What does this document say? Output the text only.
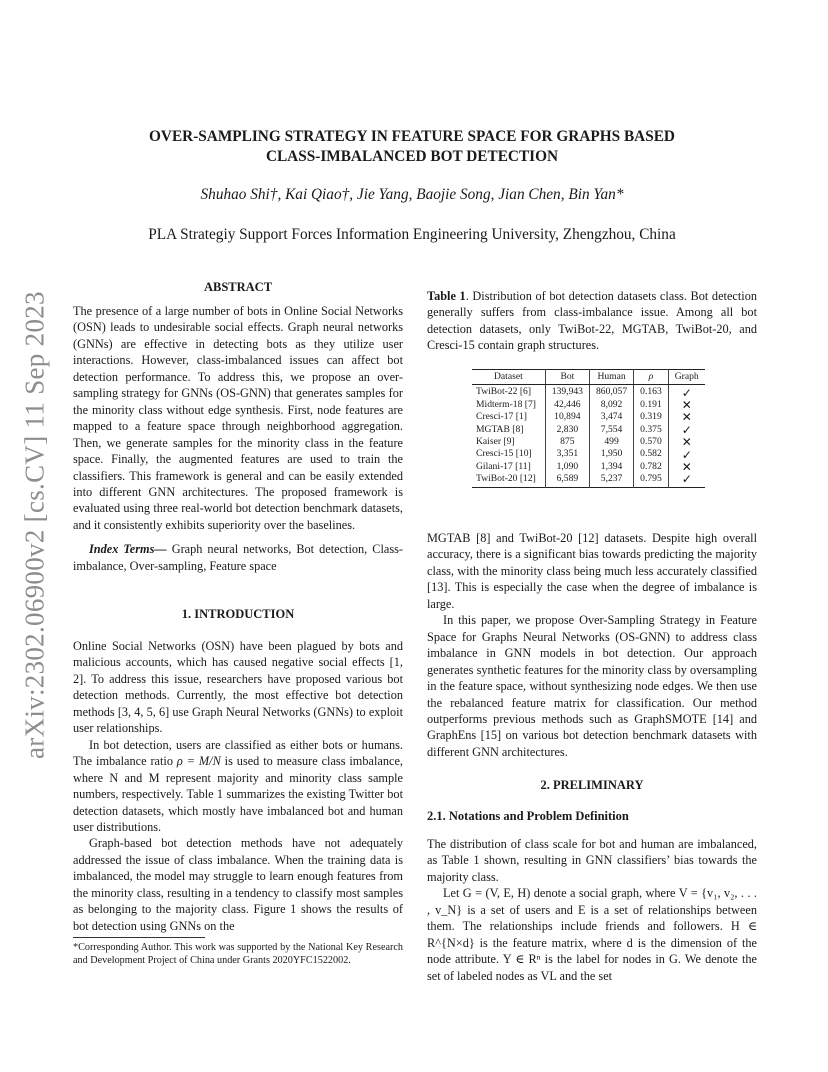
arXiv:2302.06900v2 [cs.CV] 11 Sep 2023
OVER-SAMPLING STRATEGY IN FEATURE SPACE FOR GRAPHS BASED
CLASS-IMBALANCED BOT DETECTION
Shuhao Shi†, Kai Qiao†, Jie Yang, Baojie Song, Jian Chen, Bin Yan*
PLA Strategiy Support Forces Information Engineering University, Zhengzhou, China
ABSTRACT

The presence of a large number of bots in Online Social Networks (OSN) leads to undesirable social effects. Graph neural networks (GNNs) are effective in detecting bots as they utilize user interactions. However, class-imbalanced issues can affect bot detection performance. To address this, we propose an over-sampling strategy for GNNs (OS-GNN) that generates samples for the minority class without edge synthesis. First, node features are mapped to a feature space through neighborhood aggregation. Then, we generate samples for the minority class in the feature space. Finally, the augmented features are used to train the classifiers. This framework is general and can be easily extended into different GNN architectures. The proposed framework is evaluated using three real-world bot detection benchmark datasets, and it consistently exhibits superiority over the baselines.

Index Terms— Graph neural networks, Bot detection, Class-imbalance, Over-sampling, Feature space

1. INTRODUCTION

Online Social Networks (OSN) have been plagued by bots and malicious accounts, which has caused negative social effects [1, 2]. To address this issue, researchers have proposed various bot detection methods. Currently, the most effective bot detection methods [3, 4, 5, 6] use Graph Neural Networks (GNNs) to exploit user relationships.

In bot detection, users are classified as either bots or humans. The imbalance ratio ρ = M/N is used to measure class imbalance, where N and M represent majority and minority class sample numbers, respectively. Table 1 summarizes the existing Twitter bot detection datasets, which mostly have imbalanced bot and human user distributions.

Graph-based bot detection methods have not adequately addressed the issue of class imbalance. When the training data is imbalanced, the model may struggle to learn enough features from the minority class, resulting in a tendency to classify most samples as belonging to the majority class. Figure 1 shows the results of bot detection using GNNs on the

*Corresponding Author. This work was supported by the National Key Research and Development Project of China under Grants 2020YFC1522002.
Table 1. Distribution of bot detection datasets class. Bot detection generally suffers from class-imbalance issue. Among all bot detection datasets, only TwiBot-22, MGTAB, TwiBot-20, and Cresci-15 contain graph structures.
Dataset	Bot	Human	ρ	Graph
TwiBot-22 [6]	139,943	860,057	0.163	✓
Midterm-18 [7]	42,446	8,092	0.191	✕
Cresci-17 [1]	10,894	3,474	0.319	✕
MGTAB [8]	2,830	7,554	0.375	✓
Kaiser [9]	875	499	0.570	✕
Cresci-15 [10]	3,351	1,950	0.582	✓
Gilani-17 [11]	1,090	1,394	0.782	✕
TwiBot-20 [12]	6,589	5,237	0.795	✓

MGTAB [8] and TwiBot-20 [12] datasets. Despite high overall accuracy, there is a significant bias towards predicting the majority class, with the minority class being much less accurately classified [13]. This is especially the case when the degree of imbalance is large.

In this paper, we propose Over-Sampling Strategy in Feature Space for Graphs Neural Networks (OS-GNN) to address class imbalance in GNN models in bot detection. Our approach generates synthetic features for the minority class by oversampling in the feature space, without synthesizing node edges. We then use the rebalanced feature matrix for classification. Our method outperforms previous methods such as GraphSMOTE [14] and GraphEns [15] on various bot detection benchmark datasets with different GNN architectures.

2. PRELIMINARY
2.1. Notations and Problem Definition

The distribution of class scale for bot and human are imbalanced, as Table 1 shown, resulting in GNN classifiers’ bias towards the majority class.

Let G = (V, E, H) denote a social graph, where V = {v₁, v₂, . . . , v_N} is a set of users and E is a set of relationships between them. The relationships include friends and followers. H ∈ R^{N×d} is the feature matrix, where d is the dimension of the node attribute. Y ∈ Rⁿ is the label for nodes in G. We denote the set of labeled nodes as VL and the set
